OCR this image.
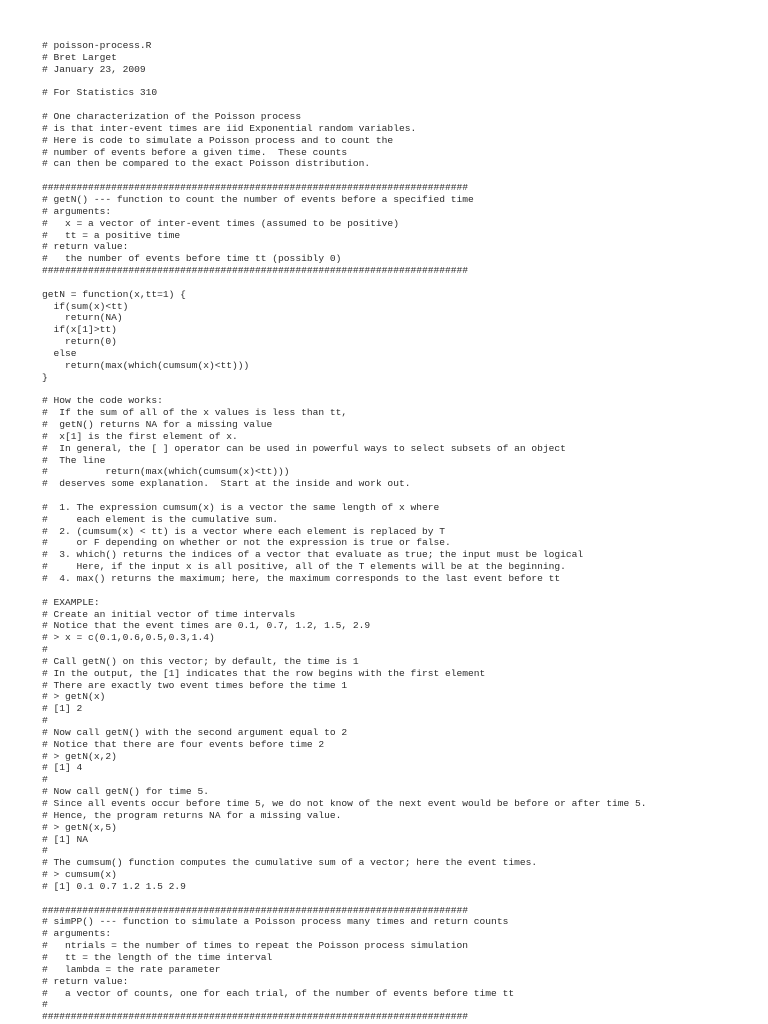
# poisson-process.R
# Bret Larget
# January 23, 2009
# For Statistics 310
# One characterization of the Poisson process
# is that inter-event times are iid Exponential random variables.
# Here is code to simulate a Poisson process and to count the
# number of events before a given time.  These counts
# can then be compared to the exact Poisson distribution.
##########################################################################
# getN() --- function to count the number of events before a specified time
# arguments:
#   x = a vector of inter-event times (assumed to be positive)
#   tt = a positive time
# return value:
#   the number of events before time tt (possibly 0)
##########################################################################
getN = function(x,tt=1) {
if(sum(x)<tt)
return(NA)
if(x[1]>tt)
return(0)
else
return(max(which(cumsum(x)<tt)))
}
# How the code works:
#  If the sum of all of the x values is less than tt,
#  getN() returns NA for a missing value
#  x[1] is the first element of x.
#  In general, the [ ] operator can be used in powerful ways to select subsets of an object
#  The line
#          return(max(which(cumsum(x)<tt)))
#  deserves some explanation.  Start at the inside and work out.
#  1. The expression cumsum(x) is a vector the same length of x where
#     each element is the cumulative sum.
#  2. (cumsum(x) < tt) is a vector where each element is replaced by T
#     or F depending on whether or not the expression is true or false.
#  3. which() returns the indices of a vector that evaluate as true; the input must be logical
#     Here, if the input x is all positive, all of the T elements will be at the beginning.
#  4. max() returns the maximum; here, the maximum corresponds to the last event before tt
# EXAMPLE:
# Create an initial vector of time intervals
# Notice that the event times are 0.1, 0.7, 1.2, 1.5, 2.9
# > x = c(0.1,0.6,0.5,0.3,1.4)
#
# Call getN() on this vector; by default, the time is 1
# In the output, the [1] indicates that the row begins with the first element
# There are exactly two event times before the time 1
# > getN(x)
# [1] 2
#
# Now call getN() with the second argument equal to 2
# Notice that there are four events before time 2
# > getN(x,2)
# [1] 4
#
# Now call getN() for time 5.
# Since all events occur before time 5, we do not know of the next event would be before or after time 5.
# Hence, the program returns NA for a missing value.
# > getN(x,5)
# [1] NA
#
# The cumsum() function computes the cumulative sum of a vector; here the event times.
# > cumsum(x)
# [1] 0.1 0.7 1.2 1.5 2.9
##########################################################################
# simPP() --- function to simulate a Poisson process many times and return counts
# arguments:
#   ntrials = the number of times to repeat the Poisson process simulation
#   tt = the length of the time interval
#   lambda = the rate parameter
# return value:
#   a vector of counts, one for each trial, of the number of events before time tt
#
##########################################################################
